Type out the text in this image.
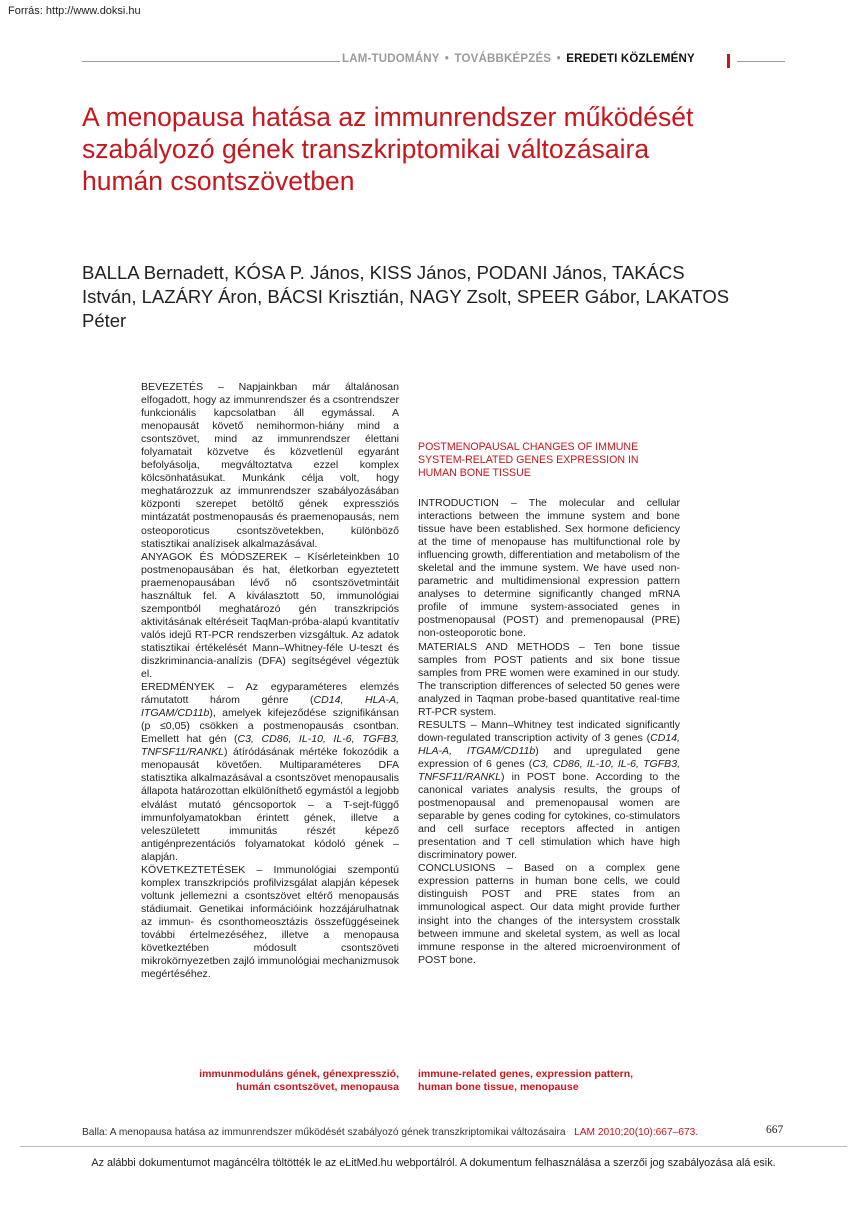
Forrás: http://www.doksi.hu
LAM-TUDOMÁNY • TOVÁBBKÉPZÉS • EREDETI KÖZLEMÉNY
A menopausa hatása az immunrendszer működését szabályozó gének transzkriptomikai változásaira humán csontszövetben
BALLA Bernadett, KÓSA P. János, KISS János, PODANI János, TAKÁCS István, LAZÁRY Áron, BÁCSI Krisztián, NAGY Zsolt, SPEER Gábor, LAKATOS Péter

BEVEZETÉS – Napjainkban már általánosan elfogadott, hogy az immunrendszer és a csontrendszer funkcionális kapcsolatban áll egymással. A menopausát követő nemihormon-hiány mind a csontszövet, mind az immunrendszer élettani folyamatait közvetve és közvetlenül egyaránt befolyásolja, megváltoztatva ezzel komplex kölcsönhatásukat. Munkánk célja volt, hogy meghatározzuk az immunrendszer szabályozásában központi szerepet betöltő gének expressziós mintázatát postmenopausás és praemenopausás, nem osteoporoticus csontszövetekben, különböző statisztikai analízisek alkalmazásával.

ANYAGOK ÉS MÓDSZEREK – Kísérleteinkben 10 postmenopausában és hat, életkorban egyeztetett praemenopausában lévő nő csontszövetmintáit használtuk fel. A kiválasztott 50, immunológiai szempontból meghatározó gén transzkripciós aktivitásának eltéréseit TaqMan-próba-alapú kvantitatív valós idejű RT-PCR rendszerben vizsgáltuk. Az adatok statisztikai értékelését Mann–Whitney-féle U-teszt és diszkriminancia-analízis (DFA) segítségével végeztük el.

EREDMÉNYEK – Az egyparaméteres elemzés rámutatott három génre (CD14, HLA-A, ITGAM/CD11b), amelyek kifejeződése szignifikánsan (p ≤0,05) csökken a postmenopausás csontban. Emellett hat gén (C3, CD86, IL-10, IL-6, TGFB3, TNFSF11/RANKL) átíródásának mértéke fokozódik a menopausát követően. Multiparaméteres DFA statisztika alkalmazásával a csontszövet menopausalis állapota határozottan elkülöníthető egymástól a legjobb elválást mutató géncsoportok – a T-sejt-függő immunfolyamatokban érintett gének, illetve a veleszületett immunitás részét képező antigénprezentációs folyamatokat kódoló gének – alapján.

KÖVETKEZTETÉSEK – Immunológiai szempontú komplex transzkripciós profilvizsgálat alapján képesek voltunk jellemezni a csontszövet eltérő menopausás stádiumait. Genetikai információink hozzájárulhatnak az immun- és csonthomeosztázis összefüggéseinek további értelmezéséhez, illetve a menopausa következtében módosult csontszöveti mikrokörnyezetben zajló immunológiai mechanizmusok megértéséhez.

POSTMENOPAUSAL CHANGES OF IMMUNE SYSTEM-RELATED GENES EXPRESSION IN HUMAN BONE TISSUE

INTRODUCTION – The molecular and cellular interactions between the immune system and bone tissue have been established. Sex hormone deficiency at the time of menopause has multifunctional role by influencing growth, differentiation and metabolism of the skeletal and the immune system. We have used non-parametric and multidimensional expression pattern analyses to determine significantly changed mRNA profile of immune system-associated genes in postmenopausal (POST) and premenopausal (PRE) non-osteoporotic bone.

MATERIALS AND METHODS – Ten bone tissue samples from POST patients and six bone tissue samples from PRE women were examined in our study. The transcription differences of selected 50 genes were analyzed in Taqman probe-based quantitative real-time RT-PCR system.

RESULTS – Mann–Whitney test indicated significantly down-regulated transcription activity of 3 genes (CD14, HLA-A, ITGAM/CD11b) and upregulated gene expression of 6 genes (C3, CD86, IL-10, IL-6, TGFB3, TNFSF11/RANKL) in POST bone. According to the canonical variates analysis results, the groups of postmenopausal and premenopausal women are separable by genes coding for cytokines, co-stimulators and cell surface receptors affected in antigen presentation and T cell stimulation which have high discriminatory power.

CONCLUSIONS – Based on a complex gene expression patterns in human bone cells, we could distinguish POST and PRE states from an immunological aspect. Our data might provide further insight into the changes of the intersystem crosstalk between immune and skeletal system, as well as local immune response in the altered microenvironment of POST bone.

immunmoduláns gének, génexpresszió,
humán csontszövet, menopausa
immune-related genes, expression pattern,
human bone tissue, menopause
Balla: A menopausa hatása az immunrendszer működését szabályozó gének transzkriptomikai változásaira LAM 2010;20(10):667–673.	667
Az alábbi dokumentumot magáncélra töltötték le az eLitMed.hu webportálról. A dokumentum felhasználása a szerzői jog szabályozása alá esik.
